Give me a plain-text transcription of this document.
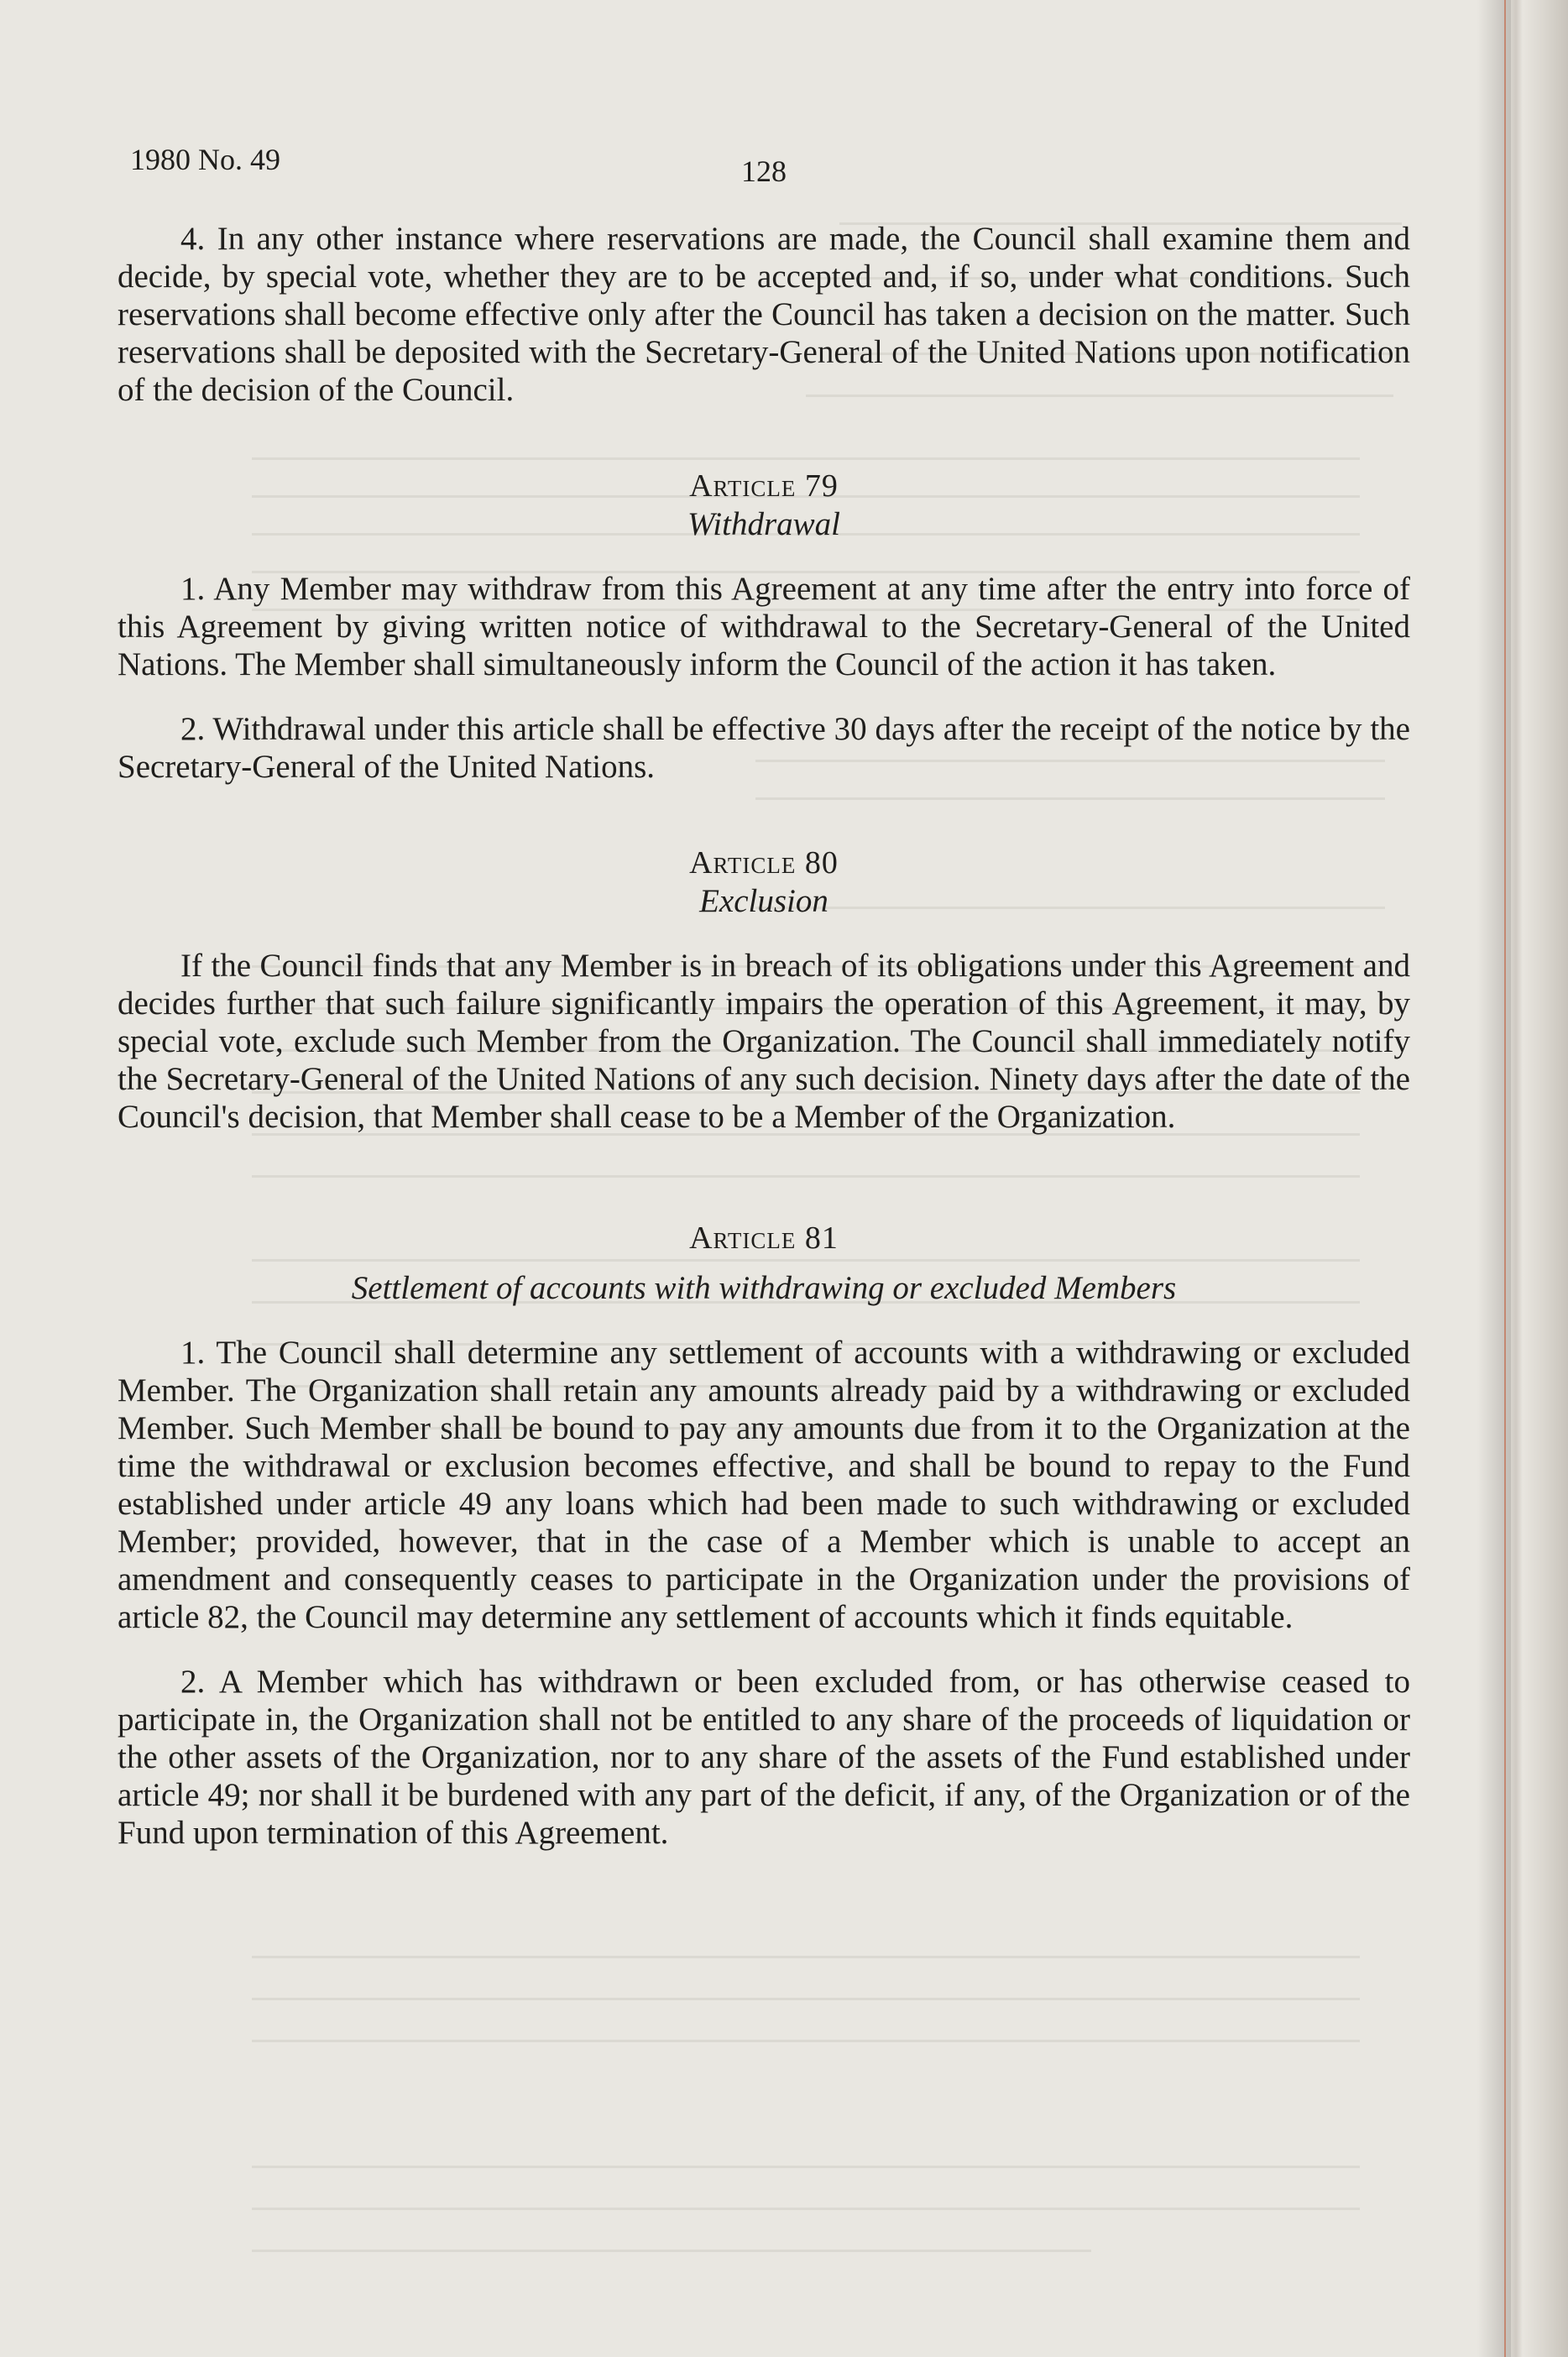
1980 No. 49	128

4. In any other instance where reservations are made, the Council shall examine them and decide, by special vote, whether they are to be accepted and, if so, under what conditions. Such reservations shall become effective only after the Council has taken a decision on the matter. Such reservations shall be deposited with the Secretary-General of the United Nations upon notification of the decision of the Council.

Article 79

Withdrawal

1. Any Member may withdraw from this Agreement at any time after the entry into force of this Agreement by giving written notice of withdrawal to the Secretary-General of the United Nations. The Member shall simultaneously inform the Council of the action it has taken.

2. Withdrawal under this article shall be effective 30 days after the receipt of the notice by the Secretary-General of the United Nations.

Article 80

Exclusion

If the Council finds that any Member is in breach of its obligations under this Agreement and decides further that such failure significantly impairs the operation of this Agreement, it may, by special vote, exclude such Member from the Organization. The Council shall immediately notify the Secretary-General of the United Nations of any such decision. Ninety days after the date of the Council's decision, that Member shall cease to be a Member of the Organization.

Article 81

Settlement of accounts with withdrawing or excluded Members

1. The Council shall determine any settlement of accounts with a withdrawing or excluded Member. The Organization shall retain any amounts already paid by a withdrawing or excluded Member. Such Member shall be bound to pay any amounts due from it to the Organization at the time the withdrawal or exclusion becomes effective, and shall be bound to repay to the Fund established under article 49 any loans which had been made to such withdrawing or excluded Member; provided, however, that in the case of a Member which is unable to accept an amendment and consequently ceases to participate in the Organization under the provisions of article 82, the Council may determine any settlement of accounts which it finds equitable.

2. A Member which has withdrawn or been excluded from, or has otherwise ceased to participate in, the Organization shall not be entitled to any share of the proceeds of liquidation or the other assets of the Organization, nor to any share of the assets of the Fund established under article 49; nor shall it be burdened with any part of the deficit, if any, of the Organization or of the Fund upon termination of this Agreement.
